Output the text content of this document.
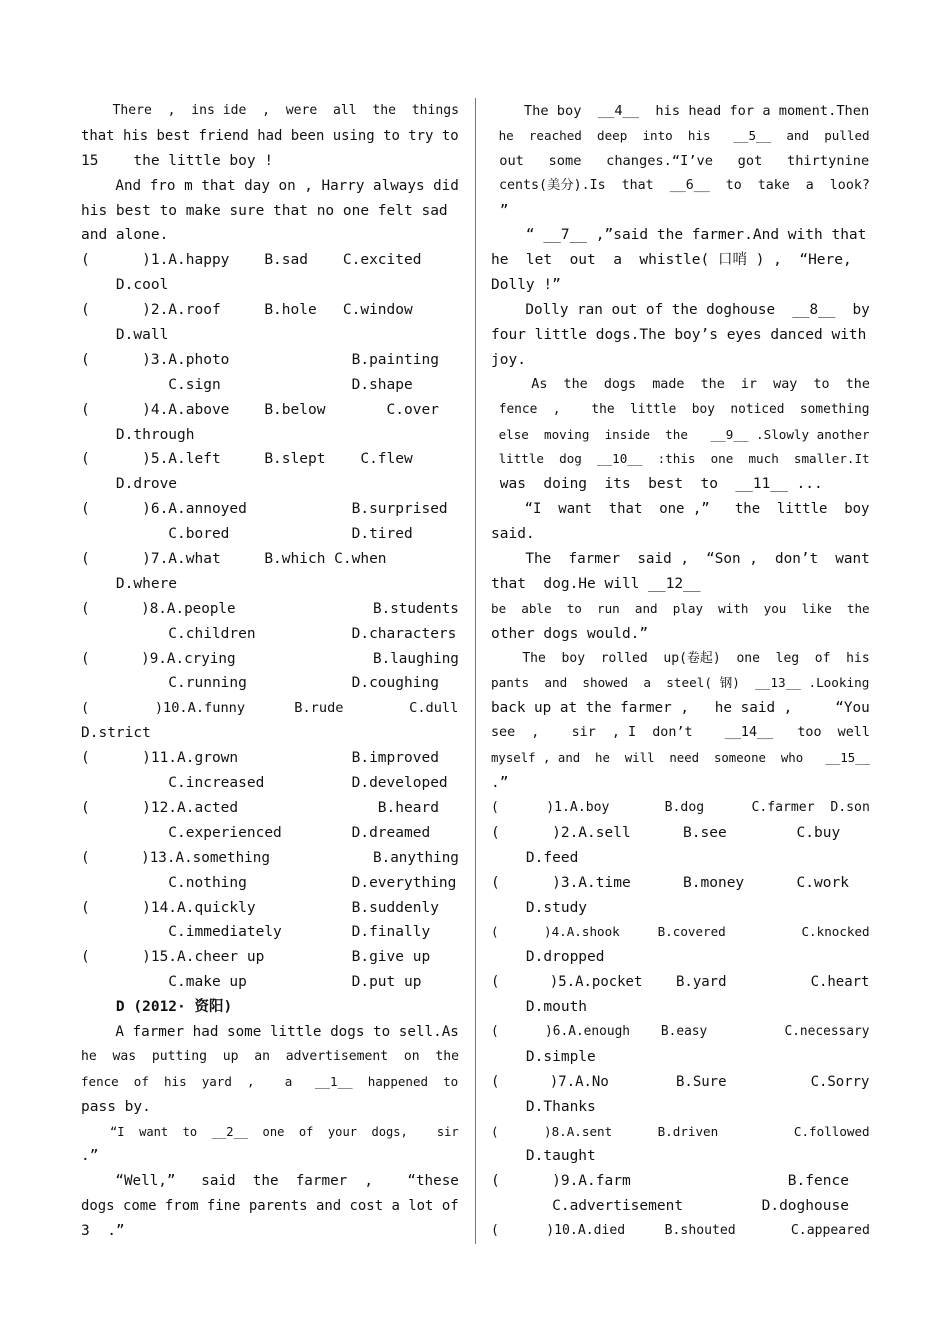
There  ,  ins ide  ,  were  all  the  things
that his best friend had been using to try to
15    the little boy !
And fro m that day on , Harry always did
his best to make sure that no one felt sad
and alone.
(      )1.A.happy    B.sad    C.excited
D.cool
(      )2.A.roof     B.hole   C.window
D.wall
(      )3.A.photo              B.painting
C.sign               D.shape
(      )4.A.above    B.below       C.over
D.through
(      )5.A.left     B.slept    C.flew
D.drove
(      )6.A.annoyed            B.surprised
C.bored              D.tired
(      )7.A.what     B.which C.when
D.where
(      )8.A.people                B.students
C.children           D.characters
(      )9.A.crying                B.laughing
C.running            D.coughing
(        )10.A.funny      B.rude        C.dull
D.strict
(      )11.A.grown             B.improved
C.increased          D.developed
(      )12.A.acted                B.heard
C.experienced        D.dreamed
(      )13.A.something            B.anything
C.nothing            D.everything
(      )14.A.quickly           B.suddenly
C.immediately        D.finally
(      )15.A.cheer up          B.give up
C.make up            D.put up
D (2012· 资阳)
A farmer had some little dogs to sell.As
he  was  putting  up  an  advertisement  on  the
fence  of  his  yard  ,    a   __1__  happened  to
pass by.
“I  want  to  __2__  one  of  your  dogs,    sir
.”
“Well,”   said  the  farmer  ,    “these
dogs come from fine parents and cost a lot of
3  .”
The boy  __4__  his head for a moment.Then
he  reached  deep  into  his   __5__  and  pulled
out   some   changes.“I’ve   got   thirtynine
cents(美分).Is  that  __6__  to  take  a  look?
”
“ __7__ ,”said the farmer.And with that
he  let  out  a  whistle( 口哨 ) ,  “Here,
Dolly !”
Dolly ran out of the doghouse  __8__  by
four little dogs.The boy’s eyes danced with
joy.
As  the  dogs  made  the  ir  way  to  the
fence  ,    the  little  boy  noticed  something
else  moving  inside  the   __9__ .Slowly another
little  dog  __10__  :this  one  much  smaller.It
was  doing  its  best  to  __11__ ...
“I  want  that  one ,”   the  little  boy
said.
The  farmer  said ,  “Son ,  don’t  want
that  dog.He will __12__
be  able  to  run  and  play  with  you  like  the
other dogs would.”
The  boy  rolled  up(卷起)  one  leg  of  his
pants  and  showed  a  steel( 钢)  __13__ .Looking
back up at the farmer ,   he said ,     “You
see  ,    sir  , I  don’t    __14__   too  well
myself , and  he  will  need  someone  who   __15__
.”
(      )1.A.boy       B.dog      C.farmer  D.son
(      )2.A.sell      B.see        C.buy
D.feed
(      )3.A.time      B.money      C.work
D.study
(      )4.A.shook     B.covered          C.knocked
D.dropped
(      )5.A.pocket    B.yard          C.heart
D.mouth
(      )6.A.enough    B.easy          C.necessary
D.simple
(      )7.A.No        B.Sure          C.Sorry
D.Thanks
(      )8.A.sent      B.driven          C.followed
D.taught
(      )9.A.farm                  B.fence
C.advertisement         D.doghouse
(      )10.A.died     B.shouted       C.appeared
